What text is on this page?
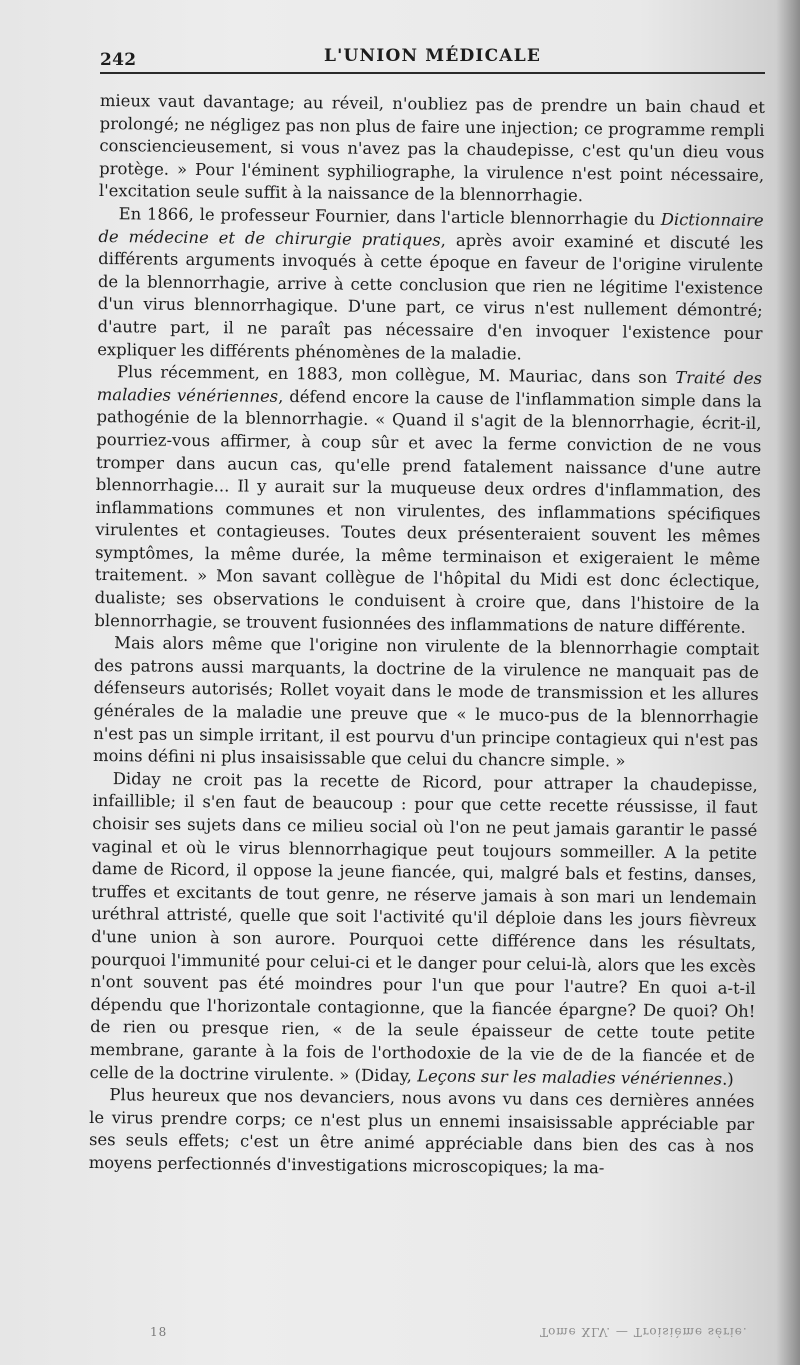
242	L'UNION MÉDICALE

mieux vaut davantage; au réveil, n'oubliez pas de prendre un bain chaud et prolongé; ne négligez pas non plus de faire une injection; ce programme rempli consciencieusement, si vous n'avez pas la chaudepisse, c'est qu'un dieu vous protège. » Pour l'éminent syphiliographe, la virulence n'est point nécessaire, l'excitation seule suffit à la naissance de la blennorrhagie.

En 1866, le professeur Fournier, dans l'article blennorrhagie du Dictionnaire de médecine et de chirurgie pratiques, après avoir examiné et discuté les différents arguments invoqués à cette époque en faveur de l'origine virulente de la blennorrhagie, arrive à cette conclusion que rien ne légitime l'existence d'un virus blennorrhagique. D'une part, ce virus n'est nullement démontré; d'autre part, il ne paraît pas nécessaire d'en invoquer l'existence pour expliquer les différents phénomènes de la maladie.

Plus récemment, en 1883, mon collègue, M. Mauriac, dans son Traité des maladies vénériennes, défend encore la cause de l'inflammation simple dans la pathogénie de la blennorrhagie. « Quand il s'agit de la blennorrhagie, écrit-il, pourriez-vous affirmer, à coup sûr et avec la ferme conviction de ne vous tromper dans aucun cas, qu'elle prend fatalement naissance d'une autre blennorrhagie... Il y aurait sur la muqueuse deux ordres d'inflammation, des inflammations communes et non virulentes, des inflammations spécifiques virulentes et contagieuses. Toutes deux présenteraient souvent les mêmes symptômes, la même durée, la même terminaison et exigeraient le même traitement. » Mon savant collègue de l'hôpital du Midi est donc éclectique, dualiste; ses observations le conduisent à croire que, dans l'histoire de la blennorrhagie, se trouvent fusionnées des inflammations de nature différente.

Mais alors même que l'origine non virulente de la blennorrhagie comptait des patrons aussi marquants, la doctrine de la virulence ne manquait pas de défenseurs autorisés; Rollet voyait dans le mode de transmission et les allures générales de la maladie une preuve que « le muco-pus de la blennorrhagie n'est pas un simple irritant, il est pourvu d'un principe contagieux qui n'est pas moins défini ni plus insaisissable que celui du chancre simple. »

Diday ne croit pas la recette de Ricord, pour attraper la chaudepisse, infaillible; il s'en faut de beaucoup : pour que cette recette réussisse, il faut choisir ses sujets dans ce milieu social où l'on ne peut jamais garantir le passé vaginal et où le virus blennorrhagique peut toujours sommeiller. A la petite dame de Ricord, il oppose la jeune fiancée, qui, malgré bals et festins, danses, truffes et excitants de tout genre, ne réserve jamais à son mari un lendemain uréthral attristé, quelle que soit l'activité qu'il déploie dans les jours fièvreux d'une union à son aurore. Pourquoi cette différence dans les résultats, pourquoi l'immunité pour celui-ci et le danger pour celui-là, alors que les excès n'ont souvent pas été moindres pour l'un que pour l'autre? En quoi a-t-il dépendu que l'horizontale contagionne, que la fiancée épargne? De quoi? Oh! de rien ou presque rien, « de la seule épaisseur de cette toute petite membrane, garante à la fois de l'orthodoxie de la vie de de la fiancée et de celle de la doctrine virulente. » (Diday, Leçons sur les maladies vénériennes.)

Plus heureux que nos devanciers, nous avons vu dans ces dernières années le virus prendre corps; ce n'est plus un ennemi insaisissable appréciable par ses seuls effets; c'est un être animé appréciable dans bien des cas à nos moyens perfectionnés d'investigations microscopiques; la ma-

18	Tome XLV. — Troisième série.
